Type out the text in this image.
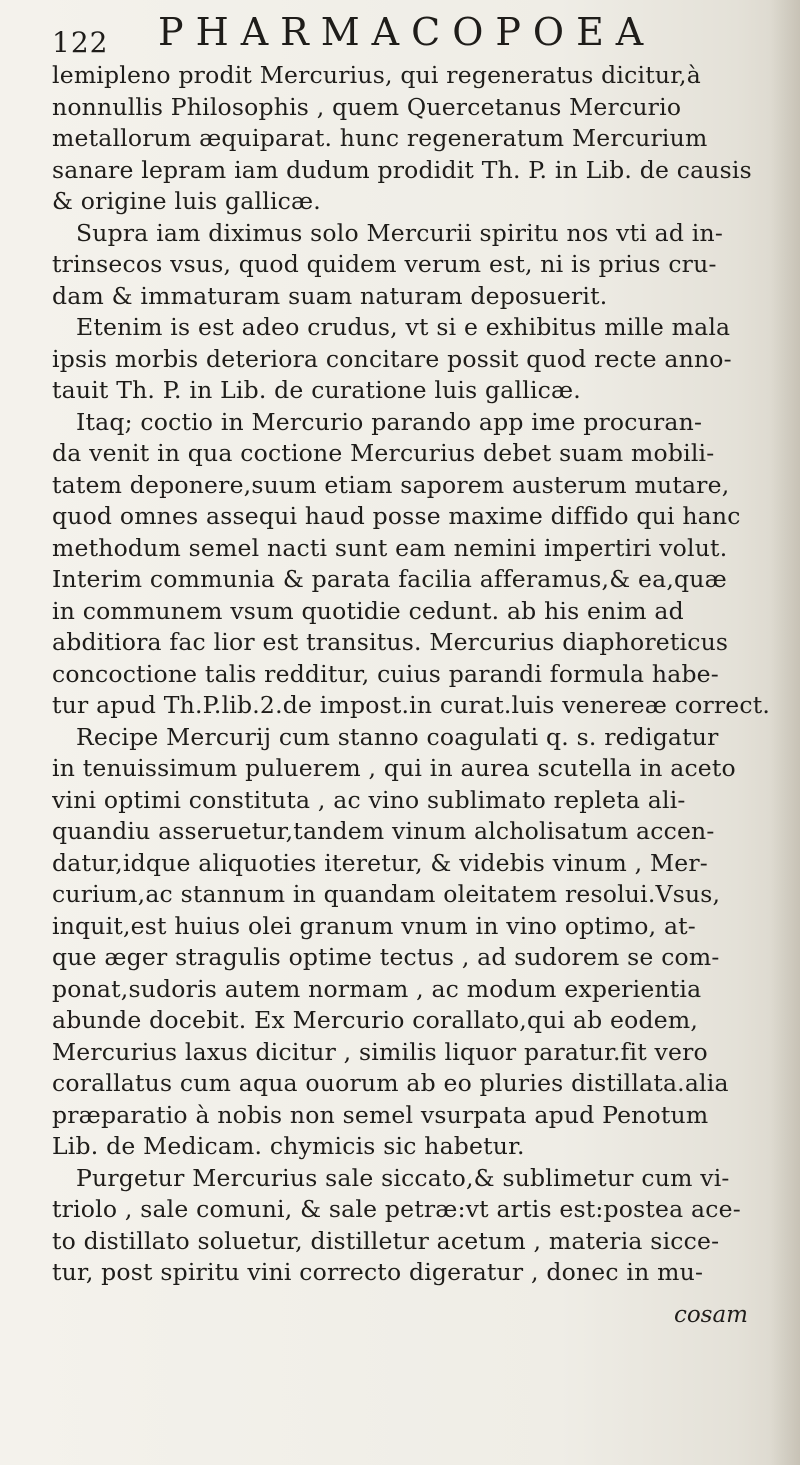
122 PHARMACOPOEA
lemipleno prodit Mercurius, qui regeneratus dicitur,à
nonnullis Philosophis , quem Quercetanus Mercurio
metallorum æquiparat. hunc regeneratum Mercurium
sanare lepram iam dudum prodidit Th. P. in Lib. de causis
& origine luis gallicæ.
Supra iam diximus solo Mercurii spiritu nos vti ad in-
trinsecos vsus, quod quidem verum est, ni is prius cru-
dam & immaturam suam naturam deposuerit.
Etenim is est adeo crudus, vt si e exhibitus mille mala
ipsis morbis deteriora concitare possit quod recte anno-
tauit Th. P. in Lib. de curatione luis gallicæ.
Itaq; coctio in Mercurio parando app ime procuran-
da venit in qua coctione Mercurius debet suam mobili-
tatem deponere,suum etiam saporem austerum mutare,
quod omnes assequi haud posse maxime diffido qui hanc
methodum semel nacti sunt eam nemini impertiri volut.
Interim communia & parata facilia afferamus,& ea,quæ
in communem vsum quotidie cedunt. ab his enim ad
abditiora fac lior est transitus. Mercurius diaphoreticus
concoctione talis redditur, cuius parandi formula habe-
tur apud Th.P.lib.2.de impost.in curat.luis venereæ correct.
Recipe Mercurij cum stanno coagulati q. s. redigatur
in tenuissimum puluerem , qui in aurea scutella in aceto
vini optimi constituta , ac vino sublimato repleta ali-
quandiu asseruetur,tandem vinum alcholisatum accen-
datur,idque aliquoties iteretur, & videbis vinum , Mer-
curium,ac stannum in quandam oleitatem resolui.Vsus,
inquit,est huius olei granum vnum in vino optimo, at-
que æger stragulis optime tectus , ad sudorem se com-
ponat,sudoris autem normam , ac modum experientia
abunde docebit. Ex Mercurio corallato,qui ab eodem,
Mercurius laxus dicitur , similis liquor paratur.fit vero
corallatus cum aqua ouorum ab eo pluries distillata.alia
præparatio à nobis non semel vsurpata apud Penotum
Lib. de Medicam. chymicis sic habetur.
Purgetur Mercurius sale siccato,& sublimetur cum vi-
triolo , sale comuni, & sale petræ:vt artis est:postea ace-
to distillato soluetur, distilletur acetum , materia sicce-
tur, post spiritu vini correcto digeratur , donec in mu-
cosam
